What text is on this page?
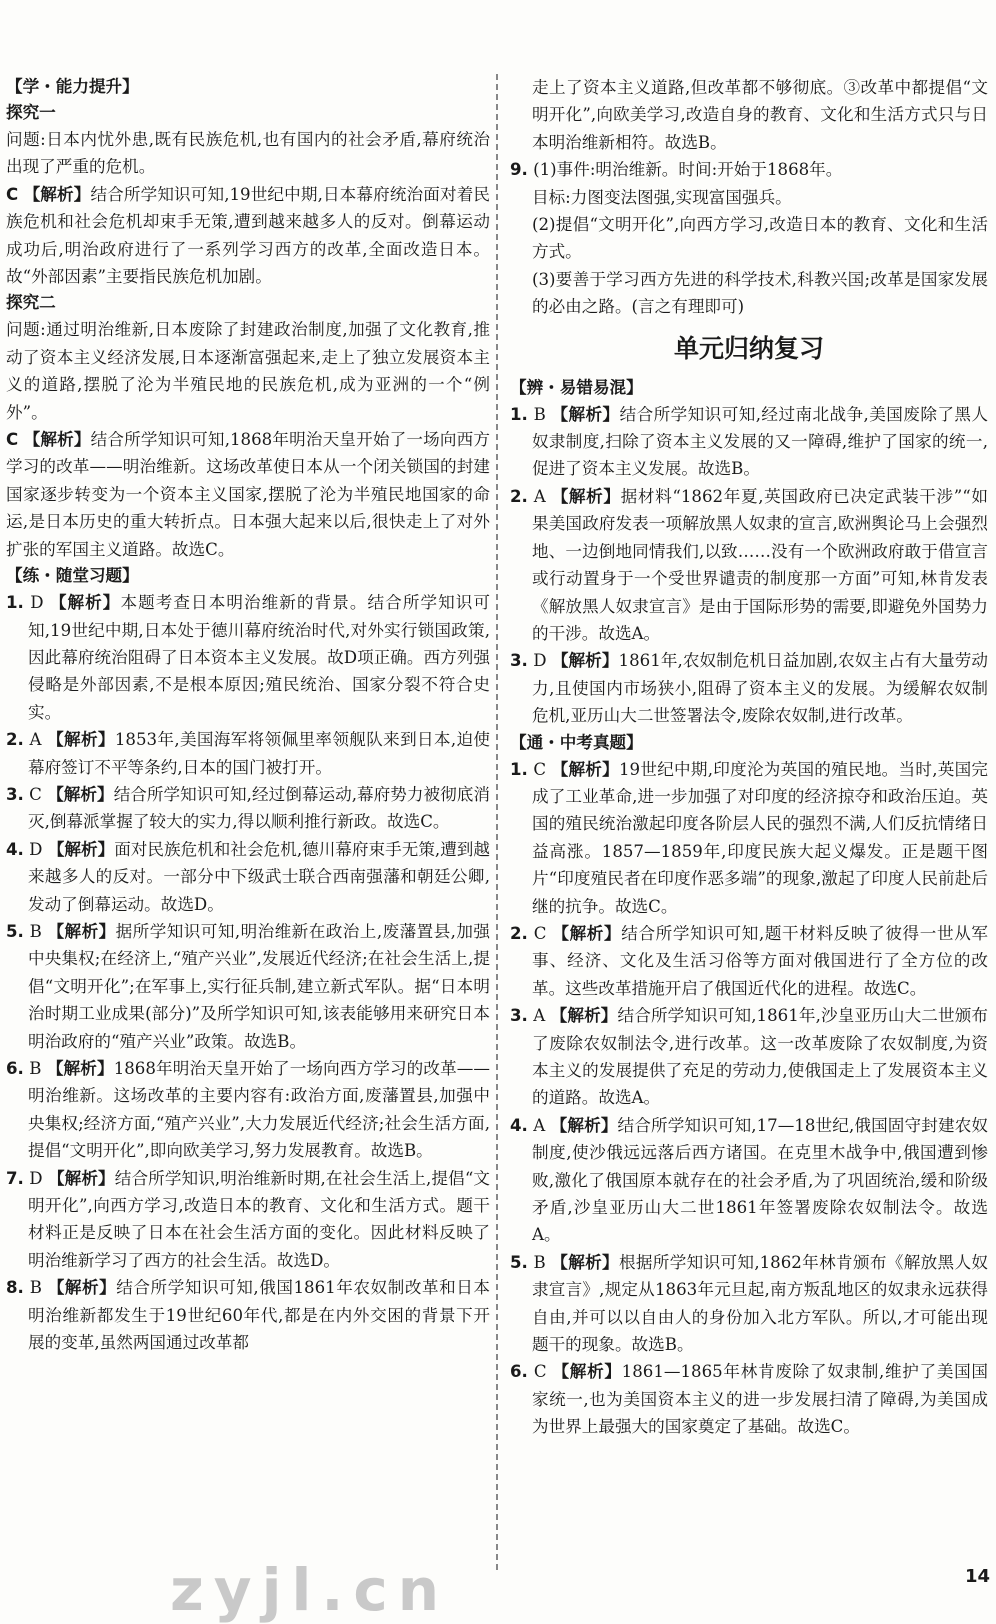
【学・能力提升】
探究一

问题:日本内忧外患,既有民族危机,也有国内的社会矛盾,幕府统治出现了严重的危机。

C 【解析】结合所学知识可知,19世纪中期,日本幕府统治面对着民族危机和社会危机却束手无策,遭到越来越多人的反对。倒幕运动成功后,明治政府进行了一系列学习西方的改革,全面改造日本。故“外部因素”主要指民族危机加剧。

探究二

问题:通过明治维新,日本废除了封建政治制度,加强了文化教育,推动了资本主义经济发展,日本逐渐富强起来,走上了独立发展资本主义的道路,摆脱了沦为半殖民地的民族危机,成为亚洲的一个“例外”。

C 【解析】结合所学知识可知,1868年明治天皇开始了一场向西方学习的改革——明治维新。这场改革使日本从一个闭关锁国的封建国家逐步转变为一个资本主义国家,摆脱了沦为半殖民地国家的命运,是日本历史的重大转折点。日本强大起来以后,很快走上了对外扩张的军国主义道路。故选C。

【练・随堂习题】

1. D 【解析】本题考查日本明治维新的背景。结合所学知识可知,19世纪中期,日本处于德川幕府统治时代,对外实行锁国政策,因此幕府统治阻碍了日本资本主义发展。故D项正确。西方列强侵略是外部因素,不是根本原因;殖民统治、国家分裂不符合史实。

2. A 【解析】1853年,美国海军将领佩里率领舰队来到日本,迫使幕府签订不平等条约,日本的国门被打开。

3. C 【解析】结合所学知识可知,经过倒幕运动,幕府势力被彻底消灭,倒幕派掌握了较大的实力,得以顺利推行新政。故选C。

4. D 【解析】面对民族危机和社会危机,德川幕府束手无策,遭到越来越多人的反对。一部分中下级武士联合西南强藩和朝廷公卿,发动了倒幕运动。故选D。

5. B 【解析】据所学知识可知,明治维新在政治上,废藩置县,加强中央集权;在经济上,“殖产兴业”,发展近代经济;在社会生活上,提倡“文明开化”;在军事上,实行征兵制,建立新式军队。据“日本明治时期工业成果(部分)”及所学知识可知,该表能够用来研究日本明治政府的“殖产兴业”政策。故选B。

6. B 【解析】1868年明治天皇开始了一场向西方学习的改革——明治维新。这场改革的主要内容有:政治方面,废藩置县,加强中央集权;经济方面,“殖产兴业”,大力发展近代经济;社会生活方面,提倡“文明开化”,即向欧美学习,努力发展教育。故选B。

7. D 【解析】结合所学知识,明治维新时期,在社会生活上,提倡“文明开化”,向西方学习,改造日本的教育、文化和生活方式。题干材料正是反映了日本在社会生活方面的变化。因此材料反映了明治维新学习了西方的社会生活。故选D。

8. B 【解析】结合所学知识可知,俄国1861年农奴制改革和日本明治维新都发生于19世纪60年代,都是在内外交困的背景下开展的变革,虽然两国通过改革都

走上了资本主义道路,但改革都不够彻底。③改革中都提倡“文明开化”,向欧美学习,改造自身的教育、文化和生活方式只与日本明治维新相符。故选B。

9. (1)事件:明治维新。时间:开始于1868年。

目标:力图变法图强,实现富国强兵。

(2)提倡“文明开化”,向西方学习,改造日本的教育、文化和生活方式。

(3)要善于学习西方先进的科学技术,科教兴国;改革是国家发展的必由之路。(言之有理即可)

单元归纳复习
【辨・易错易混】

1. B 【解析】结合所学知识可知,经过南北战争,美国废除了黑人奴隶制度,扫除了资本主义发展的又一障碍,维护了国家的统一,促进了资本主义发展。故选B。

2. A 【解析】据材料“1862年夏,英国政府已决定武装干涉”“如果美国政府发表一项解放黑人奴隶的宣言,欧洲舆论马上会强烈地、一边倒地同情我们,以致……没有一个欧洲政府敢于借宣言或行动置身于一个受世界谴责的制度那一方面”可知,林肯发表《解放黑人奴隶宣言》是由于国际形势的需要,即避免外国势力的干涉。故选A。

3. D 【解析】1861年,农奴制危机日益加剧,农奴主占有大量劳动力,且使国内市场狭小,阻碍了资本主义的发展。为缓解农奴制危机,亚历山大二世签署法令,废除农奴制,进行改革。

【通・中考真题】

1. C 【解析】19世纪中期,印度沦为英国的殖民地。当时,英国完成了工业革命,进一步加强了对印度的经济掠夺和政治压迫。英国的殖民统治激起印度各阶层人民的强烈不满,人们反抗情绪日益高涨。1857—1859年,印度民族大起义爆发。正是题干图片“印度殖民者在印度作恶多端”的现象,激起了印度人民前赴后继的抗争。故选C。

2. C 【解析】结合所学知识可知,题干材料反映了彼得一世从军事、经济、文化及生活习俗等方面对俄国进行了全方位的改革。这些改革措施开启了俄国近代化的进程。故选C。

3. A 【解析】结合所学知识可知,1861年,沙皇亚历山大二世颁布了废除农奴制法令,进行改革。这一改革废除了农奴制度,为资本主义的发展提供了充足的劳动力,使俄国走上了发展资本主义的道路。故选A。

4. A 【解析】结合所学知识可知,17—18世纪,俄国固守封建农奴制度,使沙俄远远落后西方诸国。在克里木战争中,俄国遭到惨败,激化了俄国原本就存在的社会矛盾,为了巩固统治,缓和阶级矛盾,沙皇亚历山大二世1861年签署废除农奴制法令。故选A。

5. B 【解析】根据所学知识可知,1862年林肯颁布《解放黑人奴隶宣言》,规定从1863年元旦起,南方叛乱地区的奴隶永远获得自由,并可以以自由人的身份加入北方军队。所以,才可能出现题干的现象。故选B。

6. C 【解析】1861—1865年林肯废除了奴隶制,维护了美国国家统一,也为美国资本主义的进一步发展扫清了障碍,为美国成为世界上最强大的国家奠定了基础。故选C。

zyjl.cn	14
